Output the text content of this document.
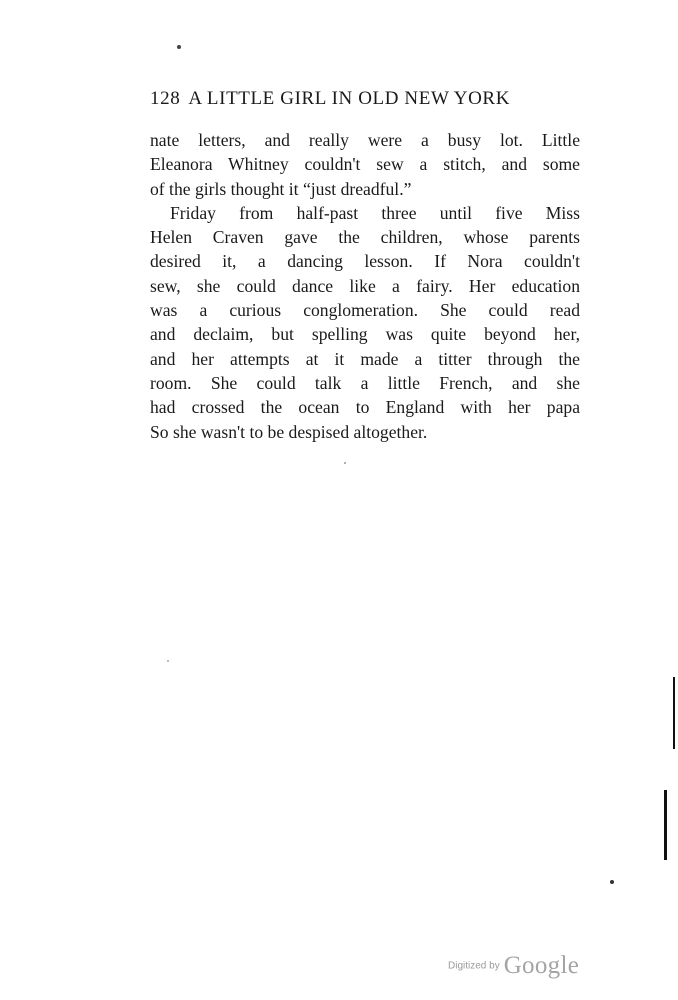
128 A LITTLE GIRL IN OLD NEW YORK
nate letters, and really were a busy lot. Little
Eleanora Whitney couldn't sew a stitch, and some
of the girls thought it “just dreadful.”
Friday from half-past three until five Miss
Helen Craven gave the children, whose parents
desired it, a dancing lesson. If Nora couldn't
sew, she could dance like a fairy. Her education
was a curious conglomeration. She could read
and declaim, but spelling was quite beyond her,
and her attempts at it made a titter through the
room. She could talk a little French, and she
had crossed the ocean to England with her papa
So she wasn't to be despised altogether.
Digitized by Google
